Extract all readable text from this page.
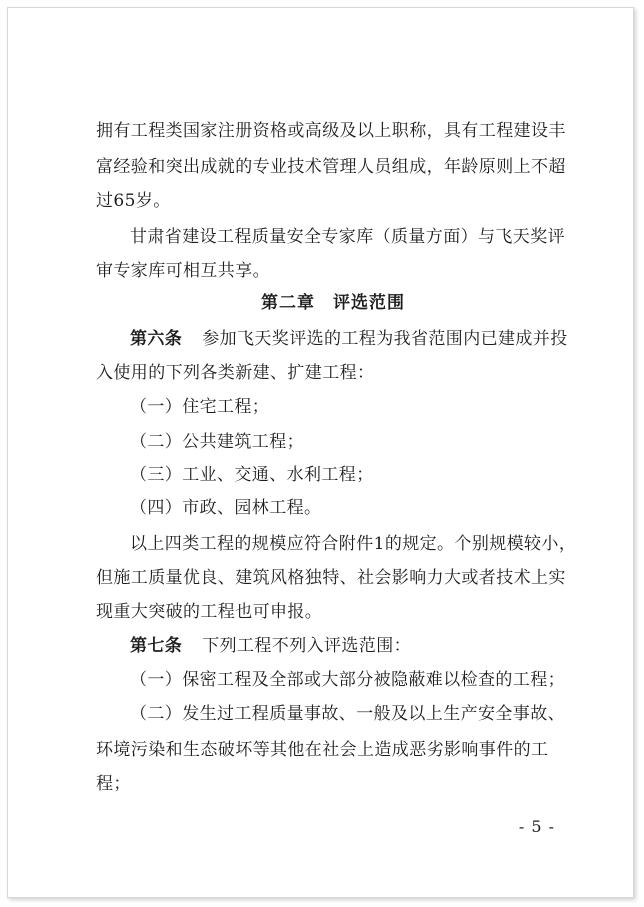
拥有工程类国家注册资格或高级及以上职称，具有工程建设丰
富经验和突出成就的专业技术管理人员组成，年龄原则上不超
过65岁。
甘肃省建设工程质量安全专家库（质量方面）与飞天奖评
审专家库可相互共享。
第二章　评选范围
第六条 参加飞天奖评选的工程为我省范围内已建成并投
入使用的下列各类新建、扩建工程：
（一）住宅工程；
（二）公共建筑工程；
（三）工业、交通、水利工程；
（四）市政、园林工程。
以上四类工程的规模应符合附件1的规定。个别规模较小，
但施工质量优良、建筑风格独特、社会影响力大或者技术上实
现重大突破的工程也可申报。
第七条 下列工程不列入评选范围：
（一）保密工程及全部或大部分被隐蔽难以检查的工程；
（二）发生过工程质量事故、一般及以上生产安全事故、
环境污染和生态破坏等其他在社会上造成恶劣影响事件的工
程；
- 5 -
